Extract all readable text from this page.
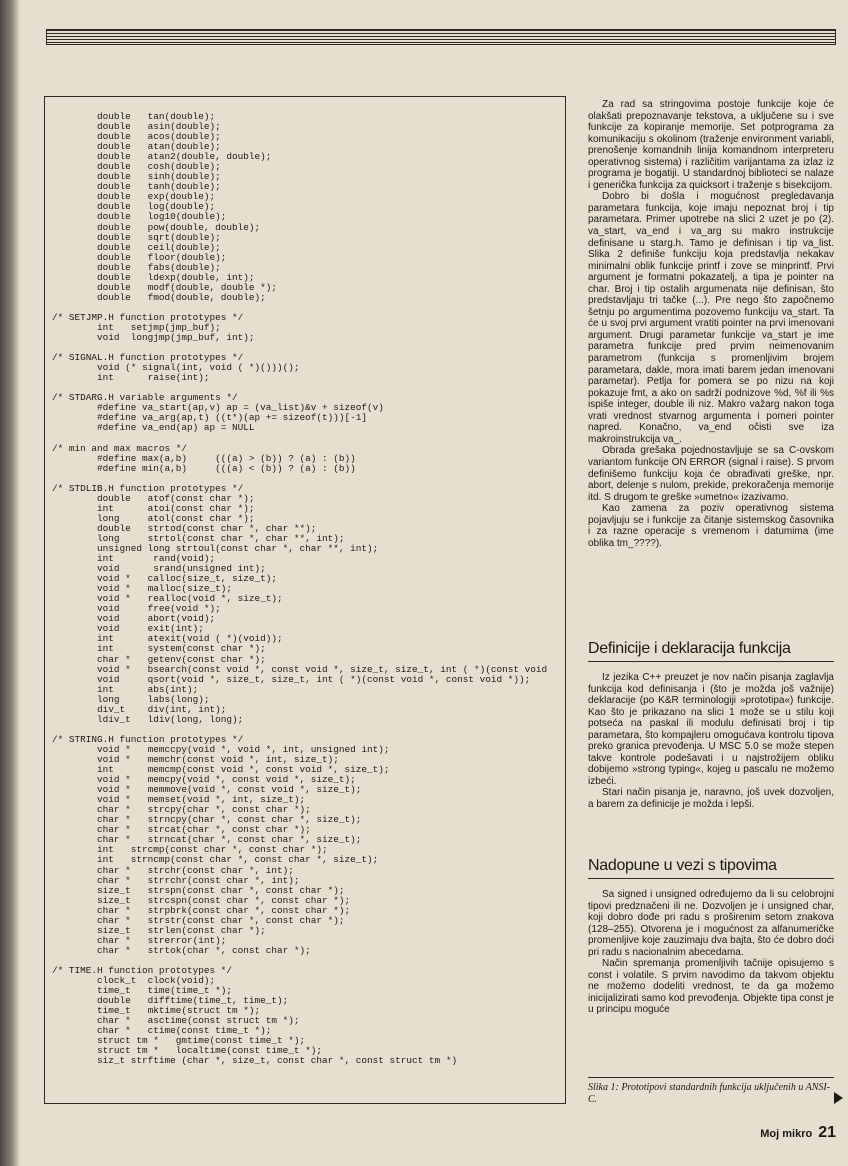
double   tan(double);
double   asin(double);
double   acos(double);
double   atan(double);
double   atan2(double, double);
double   cosh(double);
double   sinh(double);
double   tanh(double);
double   exp(double);
double   log(double);
double   log10(double);
double   pow(double, double);
double   sqrt(double);
double   ceil(double);
double   floor(double);
double   fabs(double);
double   ldexp(double, int);
double   modf(double, double *);
double   fmod(double, double);

/* SETJMP.H function prototypes */
int   setjmp(jmp_buf);
void  longjmp(jmp_buf, int);

/* SIGNAL.H function prototypes */
void (* signal(int, void ( *)()))();
int      raise(int);

/* STDARG.H variable arguments */
#define va_start(ap,v) ap = (va_list)&v + sizeof(v)
#define va_arg(ap,t) ((t*)(ap += sizeof(t)))[-1]
#define va_end(ap) ap = NULL

/* min and max macros */
#define max(a,b)     (((a) > (b)) ? (a) : (b))
#define min(a,b)     (((a) < (b)) ? (a) : (b))

/* STDLIB.H function prototypes */
double   atof(const char *);
int      atoi(const char *);
long     atol(const char *);
double   strtod(const char *, char **);
long     strtol(const char *, char **, int);
unsigned long strtoul(const char *, char **, int);
int       rand(void);
void      srand(unsigned int);
void *   calloc(size_t, size_t);
void *   malloc(size_t);
void *   realloc(void *, size_t);
void     free(void *);
void     abort(void);
void     exit(int);
int      atexit(void ( *)(void));
int      system(const char *);
char *   getenv(const char *);
void *   bsearch(const void *, const void *, size_t, size_t, int ( *)(const void
void     qsort(void *, size_t, size_t, int ( *)(const void *, const void *));
int      abs(int);
long     labs(long);
div_t    div(int, int);
ldiv_t   ldiv(long, long);

/* STRING.H function prototypes */
void *   memccpy(void *, void *, int, unsigned int);
void *   memchr(const void *, int, size_t);
int      memcmp(const void *, const void *, size_t);
void *   memcpy(void *, const void *, size_t);
void *   memmove(void *, const void *, size_t);
void *   memset(void *, int, size_t);
char *   strcpy(char *, const char *);
char *   strncpy(char *, const char *, size_t);
char *   strcat(char *, const char *);
char *   strncat(char *, const char *, size_t);
int   strcmp(const char *, const char *);
int   strncmp(const char *, const char *, size_t);
char *   strchr(const char *, int);
char *   strrchr(const char *, int);
size_t   strspn(const char *, const char *);
size_t   strcspn(const char *, const char *);
char *   strpbrk(const char *, const char *);
char *   strstr(const char *, const char *);
size_t   strlen(const char *);
char *   strerror(int);
char *   strtok(char *, const char *);

/* TIME.H function prototypes */
clock_t  clock(void);
time_t   time(time_t *);
double   difftime(time_t, time_t);
time_t   mktime(struct tm *);
char *   asctime(const struct tm *);
char *   ctime(const time_t *);
struct tm *   gmtime(const time_t *);
struct tm *   localtime(const time_t *);
siz_t strftime (char *, size_t, const char *, const struct tm *)
Slika 1: Prototipovi standardnih funkcija uključenih u ANSI-C.

Za rad sa stringovima postoje funkcije koje će olakšati prepoznavanje tekstova, a uključene su i sve funkcije za kopiranje memorije. Set potprograma za komunikaciju s okolinom (traženje environment variabli, prenošenje komandnih linija komandnom interpreteru operativnog sistema) i različitim varijantama za izlaz iz programa je bogatiji. U standardnoj biblioteci se nalaze i generička funkcija za quicksort i traženje s bisekcijom.

Dobro bi došla i mogućnost pregledavanja parametara funkcija, koje imaju nepoznat broj i tip parametara. Primer upotrebe na slici 2 uzet je po (2). va_start, va_end i va_arg su makro instrukcije definisane u starg.h. Tamo je definisan i tip va_list. Slika 2 definiše funkciju koja predstavlja nekakav minimalni oblik funkcije printf i zove se minprintf. Prvi argument je formatni pokazatelj, a tipa je pointer na char. Broj i tip ostalih argumenata nije definisan, što predstavljaju tri tačke (...). Pre nego što započnemo šetnju po argumentima pozovemo funkciju va_start. Ta će u svoj prvi argument vratiti pointer na prvi imenovani argument. Drugi parametar funkcije va_start je ime parametra funkcije pred prvim neimenovanim parametrom (funkcija s promenljivim brojem parametara, dakle, mora imati barem jedan imenovani parametar). Petlja for pomera se po nizu na koji pokazuje fmt, a ako on sadrži podnizove %d, %f ili %s ispiše integer, double ili niz. Makro važarg nakon toga vrati vrednost stvarnog argumenta i pomeri pointer napred. Konačno, va_end očisti sve iza makroinstrukcija va_.

Obrada grešaka pojednostavljuje se sa C-ovskom variantom funkcije ON ERROR (signal i raise). S prvom definišemo funkciju koja će obrađivati greške, npr. abort, delenje s nulom, prekide, prekoračenja memorije itd. S drugom te greške »umetno« izazivamo.

Kao zamena za poziv operativnog sistema pojavljuju se i funkcije za čitanje sistemskog časovnika i za razne operacije s vremenom i datumima (ime oblika tm_????).

Definicije i deklaracija funkcija

Iz jezika C++ preuzet je nov način pisanja zaglavlja funkcija kod definisanja i (što je možda još važnije) deklaracije (po K&R terminologiji »prototipa«) funkcije. Kao što je prikazano na slici 1 može se u stilu koji potseća na paskal ili modulu definisati broj i tip parametara, što kompajleru omogućava kontrolu tipova preko granica prevođenja. U MSC 5.0 se može stepen takve kontrole podešavati i u najstrožijem obliku dobijemo »strong typing«, kojeg u pascalu ne možemo izbeći.

Stari način pisanja je, naravno, još uvek dozvoljen, a barem za definicije je možda i lepši.

Nadopune u vezi s tipovima

Sa signed i unsigned određujemo da li su celobrojni tipovi predznačeni ili ne. Dozvoljen je i unsigned char, koji dobro dođe pri radu s proširenim setom znakova (128–255). Otvorena je i mogućnost za alfanumeričke promenljive koje zauzimaju dva bajta, što će dobro doći pri radu s nacionalnim abecedama.

Način spremanja promenljivih tačnije opisujemo s const i volatile. S prvim navodimo da takvom objektu ne možemo dodeliti vrednost, te da ga možemo inicijalizirati samo kod prevođenja. Objekte tipa const je u principu moguće

Moj mikro 21
